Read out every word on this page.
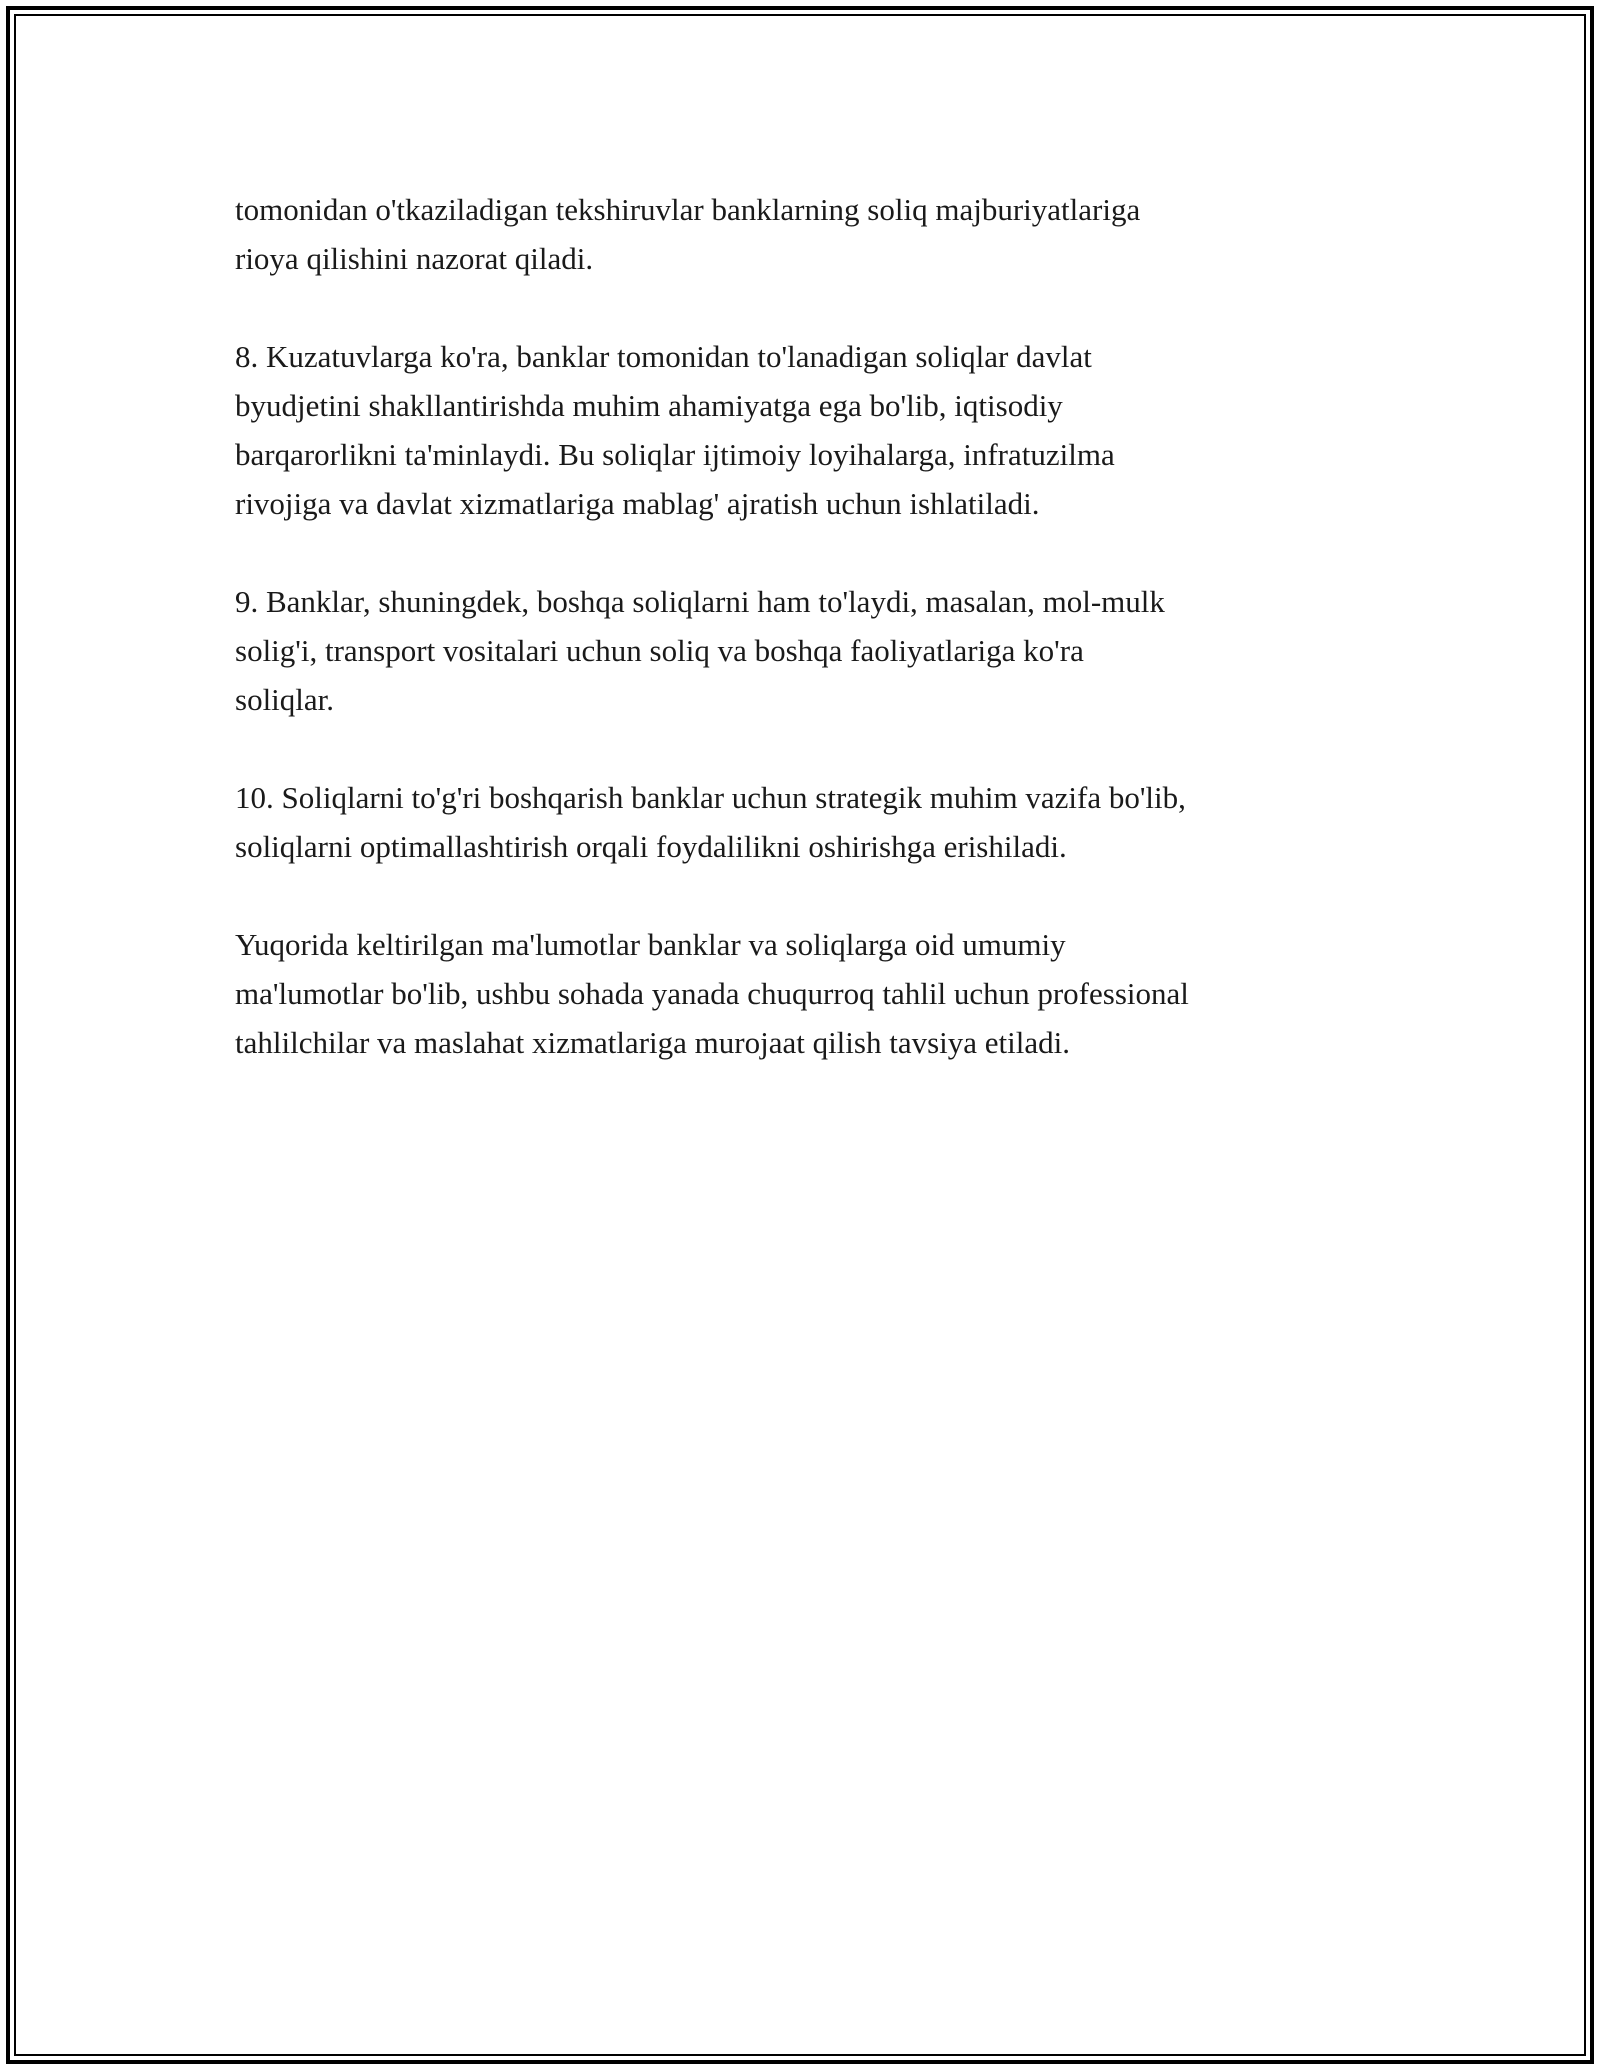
tomonidan o'tkaziladigan tekshiruvlar banklarning soliq majburiyatlariga
rioya qilishini nazorat qiladi.

8. Kuzatuvlarga ko'ra, banklar tomonidan to'lanadigan soliqlar davlat
byudjetini shakllantirishda muhim ahamiyatga ega bo'lib, iqtisodiy
barqarorlikni ta'minlaydi. Bu soliqlar ijtimoiy loyihalarga, infratuzilma
rivojiga va davlat xizmatlariga mablag' ajratish uchun ishlatiladi.

9. Banklar, shuningdek, boshqa soliqlarni ham to'laydi, masalan, mol-mulk
solig'i, transport vositalari uchun soliq va boshqa faoliyatlariga ko'ra
soliqlar.

10. Soliqlarni to'g'ri boshqarish banklar uchun strategik muhim vazifa bo'lib,
soliqlarni optimallashtirish orqali foydalilikni oshirishga erishiladi.

Yuqorida keltirilgan ma'lumotlar banklar va soliqlarga oid umumiy
ma'lumotlar bo'lib, ushbu sohada yanada chuqurroq tahlil uchun professional
tahlilchilar va maslahat xizmatlariga murojaat qilish tavsiya etiladi.
